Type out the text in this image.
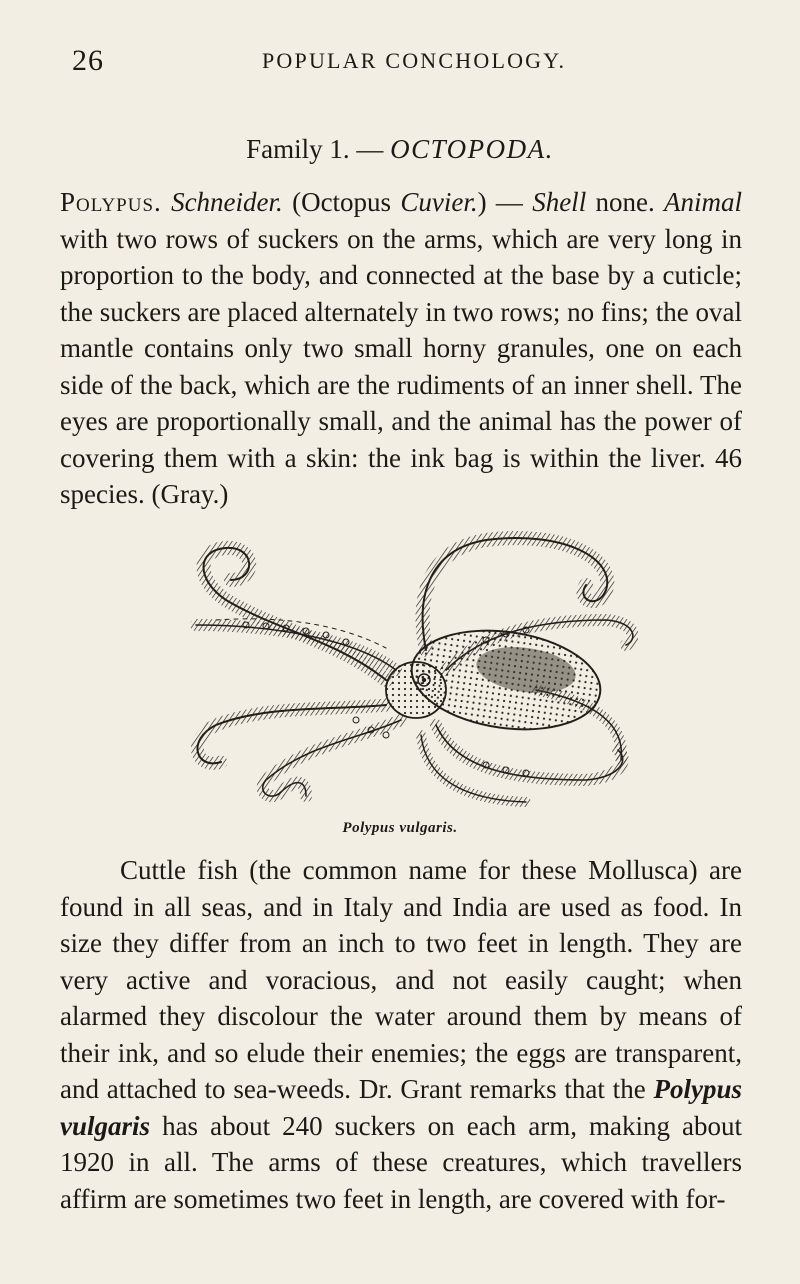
26	POPULAR CONCHOLOGY.
Family 1. — OCTOPODA.

Polypus. Schneider. (Octopus Cuvier.) — Shell none. Animal with two rows of suckers on the arms, which are very long in proportion to the body, and connected at the base by a cuticle; the suckers are placed alternately in two rows; no fins; the oval mantle contains only two small horny granules, one on each side of the back, which are the rudiments of an inner shell. The eyes are proportionally small, and the animal has the power of covering them with a skin: the ink bag is within the liver. 46 species. (Gray.)

Polypus vulgaris.

Cuttle fish (the common name for these Mollusca) are found in all seas, and in Italy and India are used as food. In size they differ from an inch to two feet in length. They are very active and voracious, and not easily caught; when alarmed they discolour the water around them by means of their ink, and so elude their enemies; the eggs are transparent, and attached to sea-weeds. Dr. Grant remarks that the Polypus vulgaris has about 240 suckers on each arm, making about 1920 in all. The arms of these creatures, which travellers affirm are sometimes two feet in length, are covered with for-
